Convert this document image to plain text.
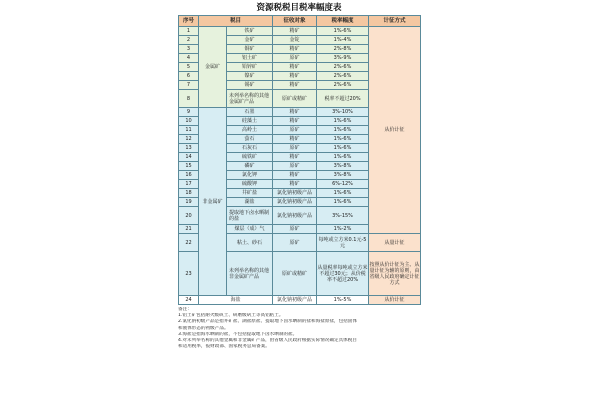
资源税税目税率幅度表
序号	税目		征收对象	税率幅度	计征方式
1	金属矿	铁矿	精矿	1%-6%	从价计征
2		金矿	金锭	1%-4%	
3		铜矿	精矿	2%-8%	
4		铝土矿	原矿	3%-9%	
5		铅锌矿	精矿	2%-6%	
6		镍矿	精矿	2%-6%	
7		锡矿	精矿	2%-6%	
8		未列举名称的其他金属矿产品	原矿或精矿	税率不超过20%	
9	非金属矿	石墨	精矿	3%-10%	
10		硅藻土	精矿	1%-6%	
11		高岭土	原矿	1%-6%	
12		萤石	精矿	1%-6%	
13		石灰石	原矿	1%-6%	
14		硫铁矿	精矿	1%-6%	
15		磷矿	原矿	3%-8%	
16		氯化钾	精矿	3%-8%	
17		硫酸钾	精矿	6%-12%	
18		井矿盐	氯化钠初级产品	1%-6%	
19		湖盐	氯化钠初级产品	1%-6%	
20		提取地下卤水晒制的盐	氯化钠初级产品	3%-15%	
21		煤层（成）气	原矿	1%-2%	
22		粘土、砂石	原矿	每吨或立方米0.1元-5元	从量计征
23		未列举名称的其他非金属矿产品	原矿或精矿	从量税率每吨或立方米不超过30元；从价税率不超过20%	按照从价计征为主、从量计征为辅的原则，由省级人民政府确定计征方式
24	海盐		氯化钠初级产品	1%-5%	从价计征
备注：
1.铝土矿包括耐火级矾土、研磨级矾土等高铝粘土。
2.氯化钠初级产品是指井矿盐、湖盐原盐、提取地下卤水晒制的盐和海盐原盐，包括固体
和液体形态的初级产品。
3.海盐是指海水晒制的盐，不包括提取地下卤水晒制的盐。
4.对未列举名称的其他金属和非金属矿产品，由省级人民政府根据实际情况确定具体税目
和适用税率，报财政部、国家税务总局备案。
